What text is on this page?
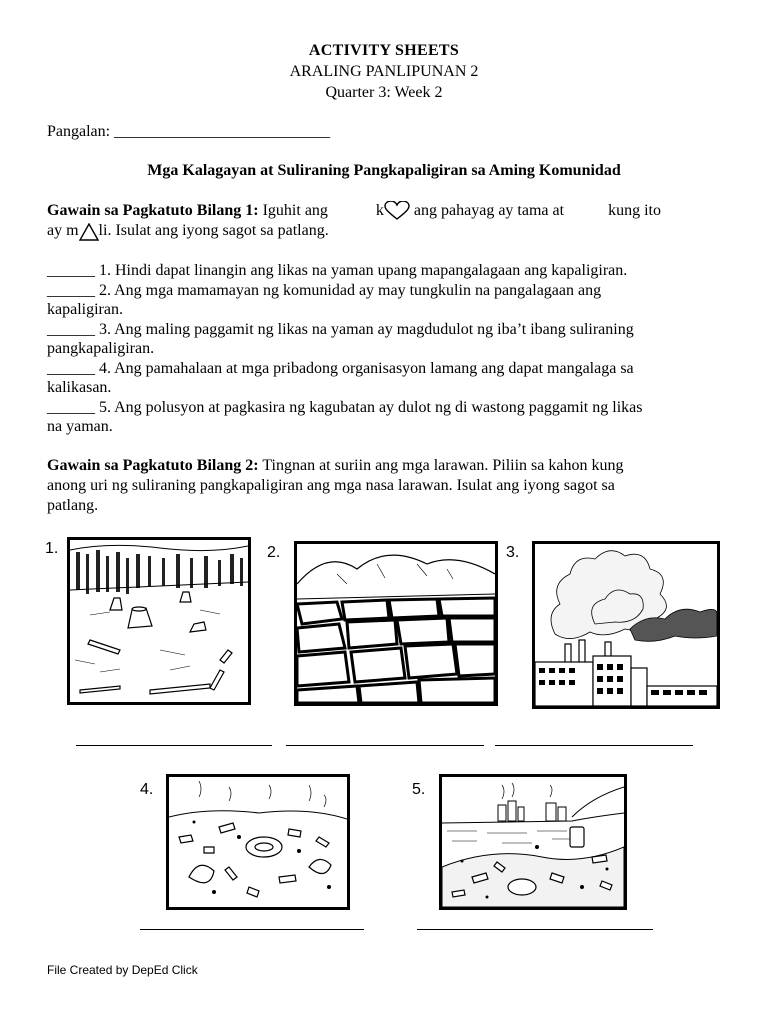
ACTIVITY SHEETS
ARALING PANLIPUNAN 2
Quarter 3: Week 2
Pangalan: ___________________________
Mga Kalagayan at Suliraning Pangkapaligiran sa Aming Komunidad
Gawain sa Pagkatuto Bilang 1: Iguhit ang	k ang pahayag ay tama at	kung ito
ay m li. Isulat ang iyong sagot sa patlang.
______ 1. Hindi dapat linangin ang likas na yaman upang mapangalagaan ang kapaligiran.
______ 2. Ang mga mamamayan ng komunidad ay may tungkulin na pangalagaan ang
kapaligiran.
______ 3. Ang maling paggamit ng likas na yaman ay magdudulot ng iba’t ibang suliraning
pangkapaligiran.
______ 4. Ang pamahalaan at mga pribadong organisasyon lamang ang dapat mangalaga sa
kalikasan.
______ 5. Ang polusyon at pagkasira ng kagubatan ay dulot ng di wastong paggamit ng likas
na yaman.
Gawain sa Pagkatuto Bilang 2: Tingnan at suriin ang mga larawan. Piliin sa kahon kung
anong uri ng suliraning pangkapaligiran ang mga nasa larawan. Isulat ang iyong sagot sa
patlang.
1.	2.	3.
4.	5.
File Created by DepEd Click
